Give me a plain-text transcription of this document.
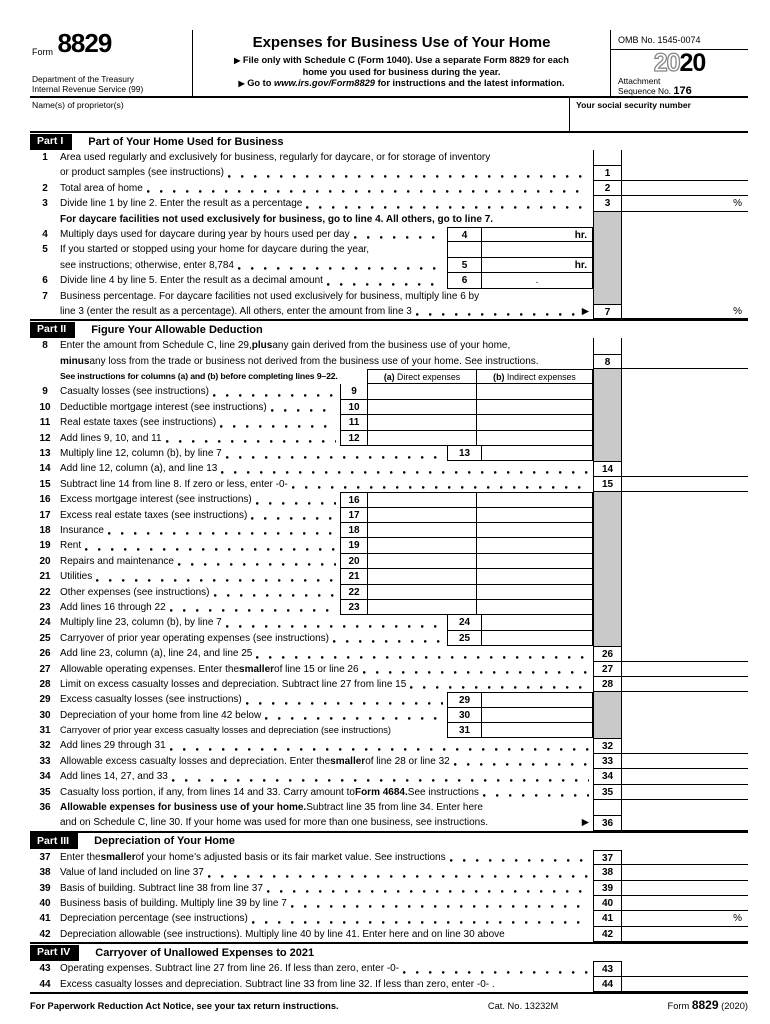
Form 8829
Department of the Treasury
Internal Revenue Service (99)
Expenses for Business Use of Your Home
▶ File only with Schedule C (Form 1040). Use a separate Form 8829 for each
home you used for business during the year.
▶ Go to www.irs.gov/Form8829 for instructions and the latest information.
OMB No. 1545-0074
2020
Attachment
Sequence No. 176
Name(s) of proprietor(s)	Your social security number
Part I	Part of Your Home Used for Business
1	Area used regularly and exclusively for business, regularly for daycare, or for storage of inventory
or product samples (see instructions)	1
2	Total area of home	2
3	Divide line 1 by line 2. Enter the result as a percentage	3	%
For daycare facilities not used exclusively for business, go to line 4. All others, go to line 7.
4	Multiply days used for daycare during year by hours used per day	4	hr.
5	If you started or stopped using your home for daycare during the year,
see instructions; otherwise, enter 8,784	5	hr.
6	Divide line 4 by line 5. Enter the result as a decimal amount	6	.
7	Business percentage. For daycare facilities not used exclusively for business, multiply line 6 by
line 3 (enter the result as a percentage). All others, enter the amount from line 3	▶	7	%
Part II	Figure Your Allowable Deduction
8	Enter the amount from Schedule C, line 29, plus any gain derived from the business use of your home,
minus any loss from the trade or business not derived from the business use of your home. See instructions.	8
See instructions for columns (a) and (b) before completing lines 9–22.	(a) Direct expenses	(b) Indirect expenses
9	Casualty losses (see instructions)	9
10 Deductible mortgage interest (see instructions)	10
11 Real estate taxes (see instructions)	11
12 Add lines 9, 10, and 11	12
13 Multiply line 12, column (b), by line 7	13
14 Add line 12, column (a), and line 13	14
15 Subtract line 14 from line 8. If zero or less, enter -0-	15
16 Excess mortgage interest (see instructions)	16
17 Excess real estate taxes (see instructions)	17
18 Insurance	18
19 Rent	19
20 Repairs and maintenance	20
21 Utilities	21
22 Other expenses (see instructions)	22
23 Add lines 16 through 22	23
24 Multiply line 23, column (b), by line 7	24
25 Carryover of prior year operating expenses (see instructions)	25
26 Add line 23, column (a), line 24, and line 25	26
27 Allowable operating expenses. Enter the smaller of line 15 or line 26	27
28 Limit on excess casualty losses and depreciation. Subtract line 27 from line 15	28
29 Excess casualty losses (see instructions)	29
30 Depreciation of your home from line 42 below	30
31	Carryover of prior year excess casualty losses and depreciation (see instructions)	31
32 Add lines 29 through 31	32
33 Allowable excess casualty losses and depreciation. Enter the smaller of line 28 or line 32	33
34 Add lines 14, 27, and 33	34
35 Casualty loss portion, if any, from lines 14 and 33. Carry amount to Form 4684. See instructions	35
36 Allowable expenses for business use of your home. Subtract line 35 from line 34. Enter here
and on Schedule C, line 30. If your home was used for more than one business, see instructions.	▶	36
Part III	Depreciation of Your Home
37 Enter the smaller of your home’s adjusted basis or its fair market value. See instructions	37
38 Value of land included on line 37	38
39 Basis of building. Subtract line 38 from line 37	39
40 Business basis of building. Multiply line 39 by line 7	40
41 Depreciation percentage (see instructions)	41	%
42 Depreciation allowable (see instructions). Multiply line 40 by line 41. Enter here and on line 30 above	42
Part IV	Carryover of Unallowed Expenses to 2021
43 Operating expenses. Subtract line 27 from line 26. If less than zero, enter -0-	43
44 Excess casualty losses and depreciation. Subtract line 33 from line 32. If less than zero, enter -0- .	44
For Paperwork Reduction Act Notice, see your tax return instructions.	Cat. No. 13232M	Form 8829 (2020)
